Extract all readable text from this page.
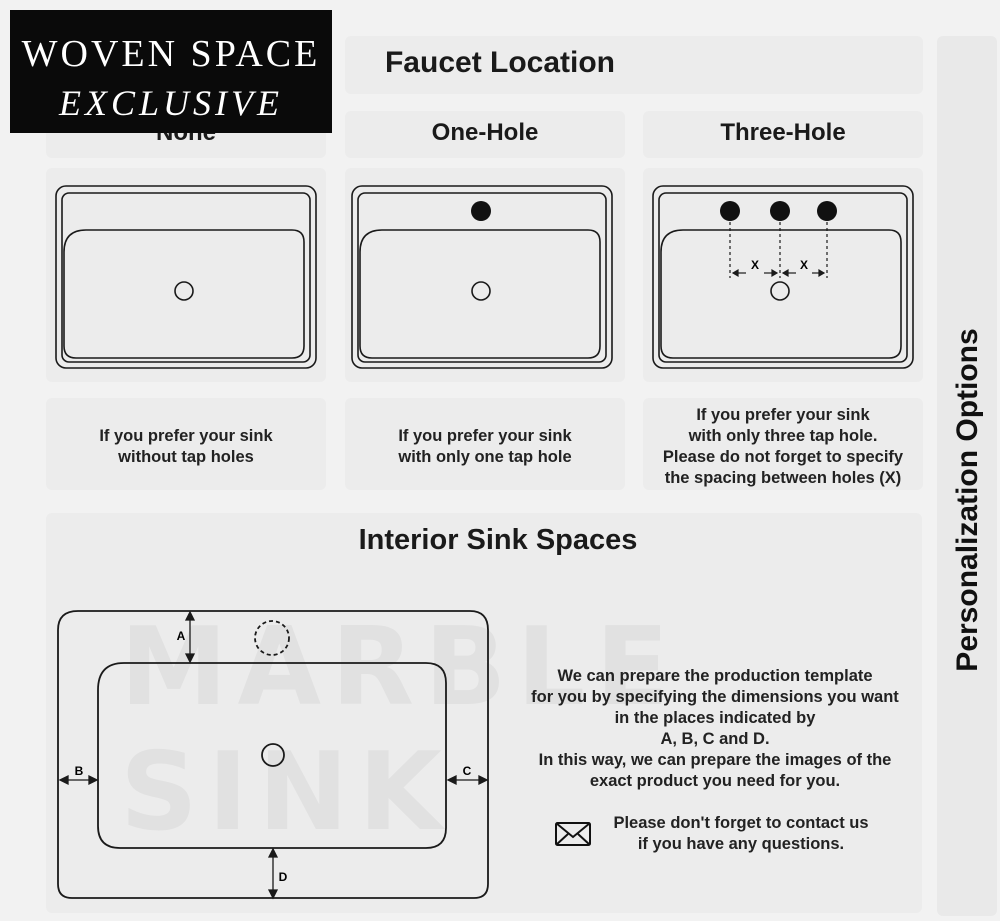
Faucet Location
One-Hole	Three-Hole
X	X
A
B	C
D
If you prefer your sink
without tap holes
If you prefer your sink
with only one tap hole
If you prefer your sink
with only three tap hole.
Please do not forget to specify
the spacing between holes (X)
Interior Sink Spaces
We can prepare the production template
for you by specifying the dimensions you want
in the places indicated by
A, B, C and D.
In this way, we can prepare the images of the
exact product you need for you.
Please don't forget to contact us
if you have any questions.
Personalization Options
WOVEN SPACE
EXCLUSIVE
